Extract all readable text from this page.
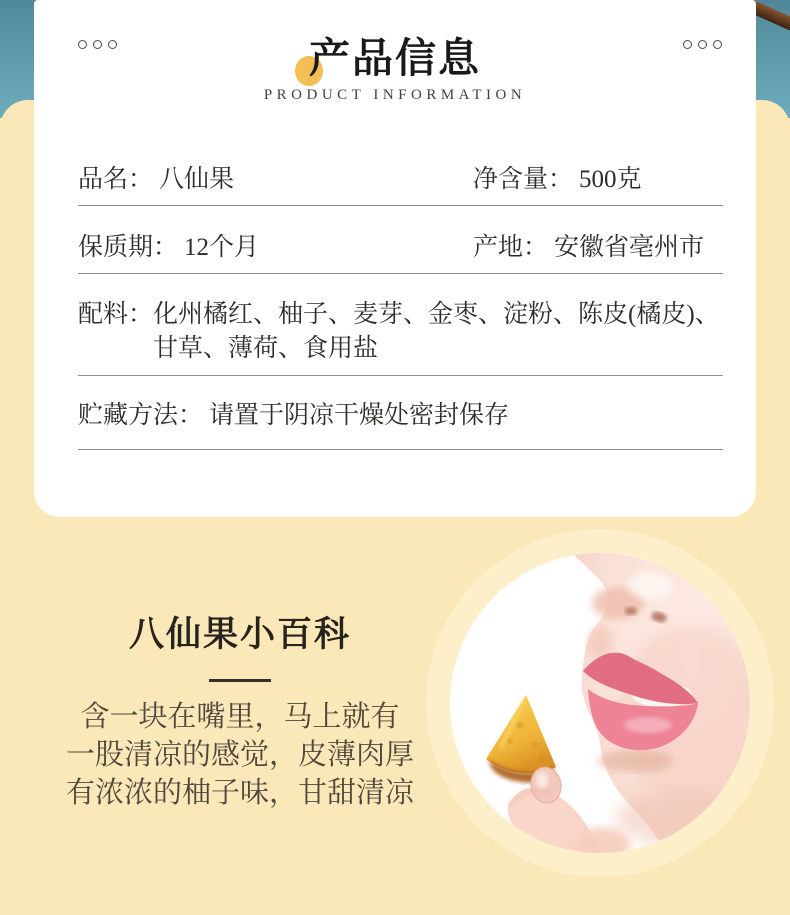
产品信息
PRODUCT INFORMATION
品名： 八仙果	净含量： 500克
保质期： 12个月	产地： 安徽省亳州市
配料： 化州橘红、柚子、麦芽、金枣、淀粉、陈皮(橘皮)、
甘草、薄荷、食用盐
贮藏方法： 请置于阴凉干燥处密封保存
八仙果小百科
含一块在嘴里，马上就有
一股清凉的感觉，皮薄肉厚
有浓浓的柚子味，甘甜清凉
